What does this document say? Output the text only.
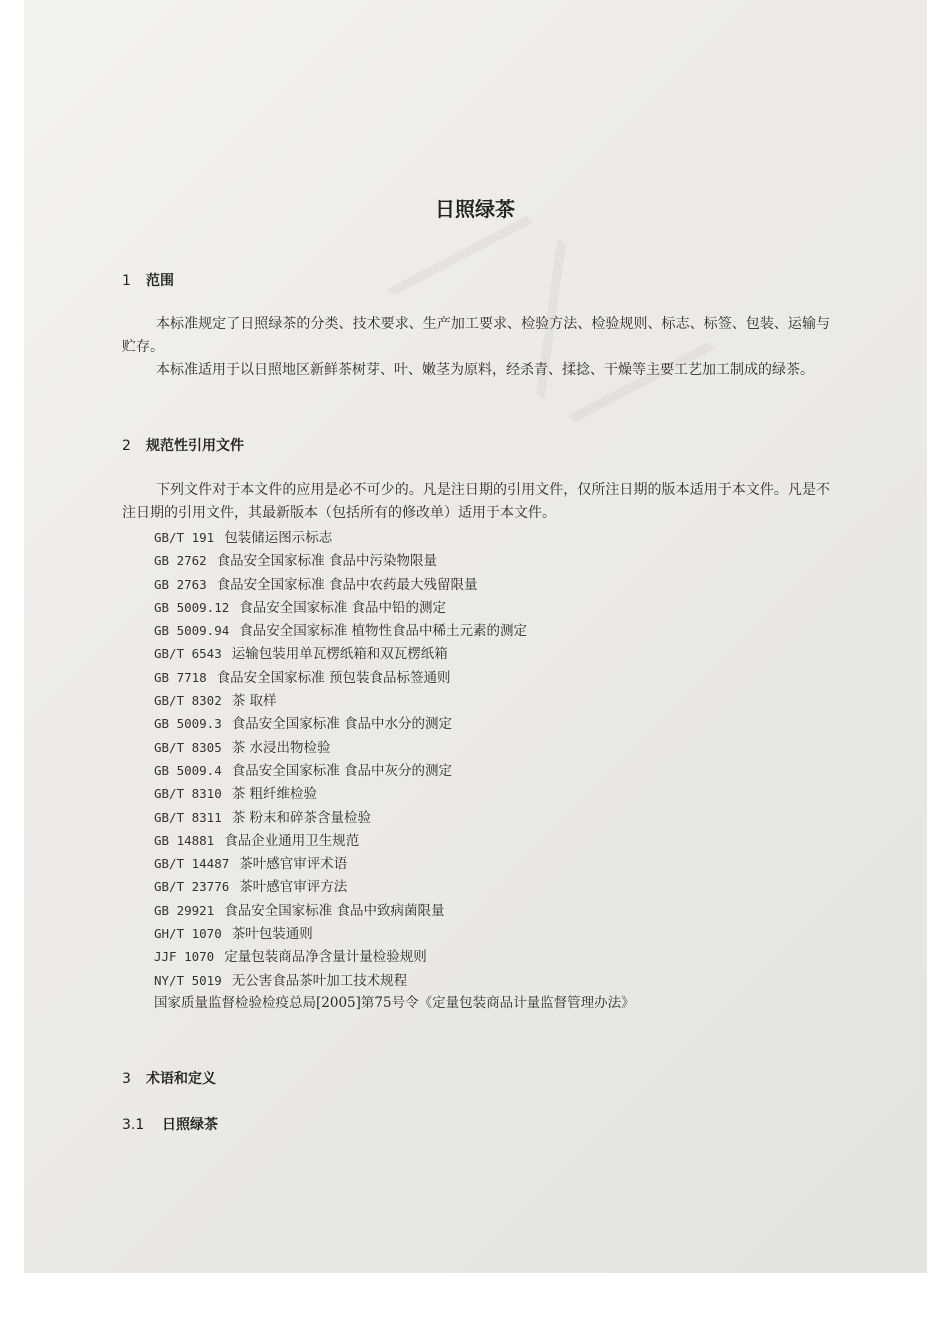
日照绿茶
1 范围
本标准规定了日照绿茶的分类、技术要求、生产加工要求、检验方法、检验规则、标志、标签、包装、运输与贮存。
本标准适用于以日照地区新鲜茶树芽、叶、嫩茎为原料，经杀青、揉捻、干燥等主要工艺加工制成的绿茶。
2 规范性引用文件
下列文件对于本文件的应用是必不可少的。凡是注日期的引用文件，仅所注日期的版本适用于本文件。凡是不注日期的引用文件，其最新版本（包括所有的修改单）适用于本文件。
GB/T 191 包装储运图示标志
GB 2762 食品安全国家标准 食品中污染物限量
GB 2763 食品安全国家标准 食品中农药最大残留限量
GB 5009.12 食品安全国家标准 食品中铅的测定
GB 5009.94 食品安全国家标准 植物性食品中稀土元素的测定
GB/T 6543 运输包装用单瓦楞纸箱和双瓦楞纸箱
GB 7718 食品安全国家标准 预包装食品标签通则
GB/T 8302 茶 取样
GB 5009.3 食品安全国家标准 食品中水分的测定
GB/T 8305 茶 水浸出物检验
GB 5009.4 食品安全国家标准 食品中灰分的测定
GB/T 8310 茶 粗纤维检验
GB/T 8311 茶 粉末和碎茶含量检验
GB 14881 食品企业通用卫生规范
GB/T 14487 茶叶感官审评术语
GB/T 23776 茶叶感官审评方法
GB 29921 食品安全国家标准 食品中致病菌限量
GH/T 1070 茶叶包装通则
JJF 1070 定量包装商品净含量计量检验规则
NY/T 5019 无公害食品茶叶加工技术规程
国家质量监督检验检疫总局[2005]第75号令《定量包装商品计量监督管理办法》
3 术语和定义
3.1 日照绿茶
